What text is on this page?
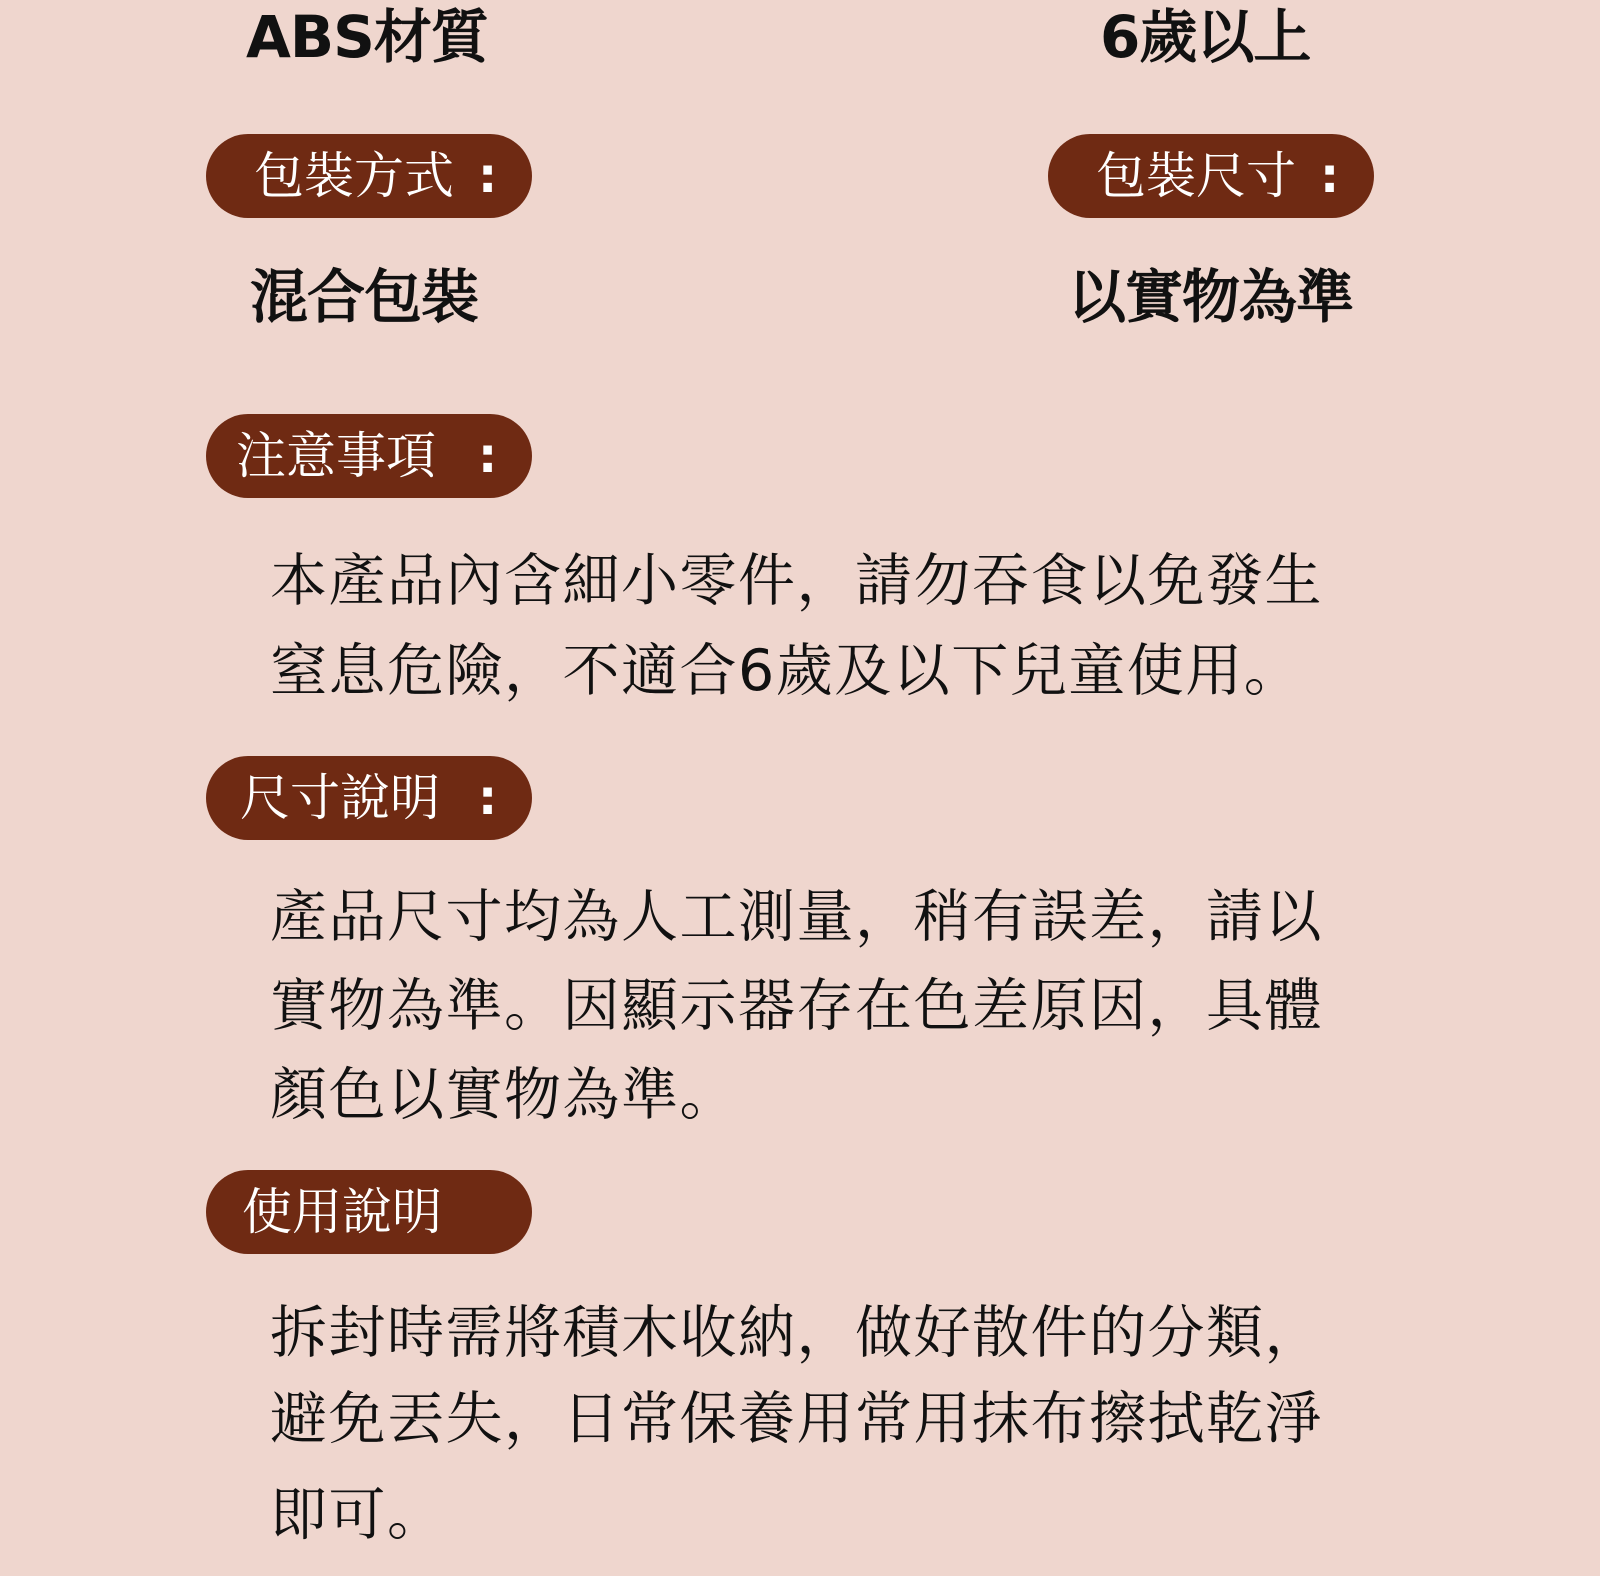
ABS材質	6歲以上
包裝方式 :	包裝尺寸 :
混合包裝	以實物為準
注意事項 :
本產品內含細小零件，請勿吞食以免發生
窒息危險，不適合6歲及以下兒童使用。
尺寸說明 :
產品尺寸均為人工測量，稍有誤差，請以
實物為準。因顯示器存在色差原因，具體
顏色以實物為準。
使用說明
拆封時需將積木收納，做好散件的分類，
避免丟失，日常保養用常用抹布擦拭乾淨
即可。
